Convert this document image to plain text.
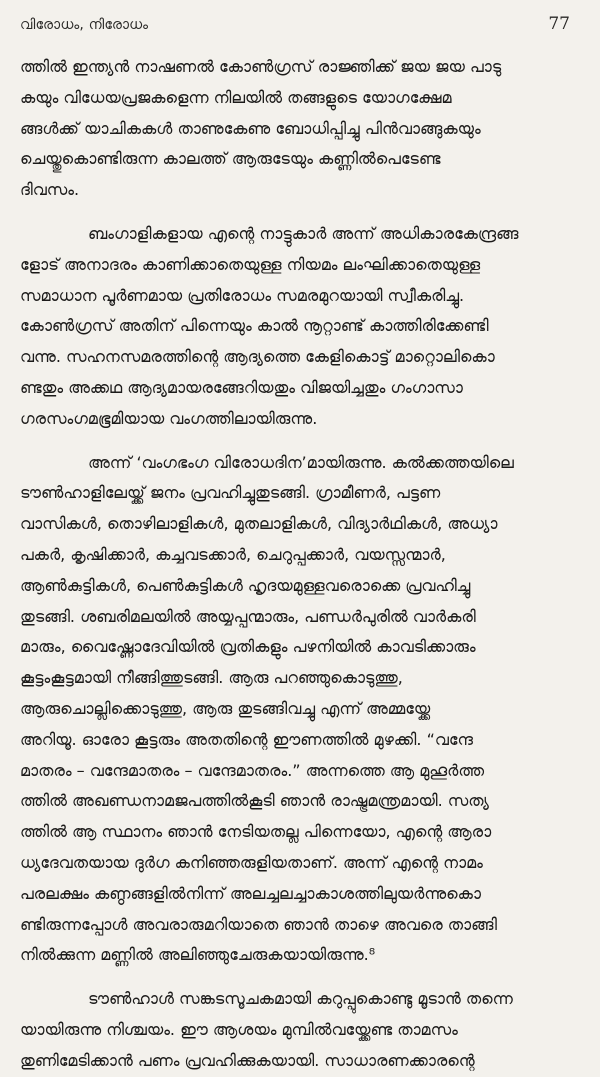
വിരോധം, നിരോധം	77

ത്തിൽ ഇന്ത്യൻ നാഷണൽ കോൺഗ്രസ് രാജ്ഞിക്ക് ജയ ജയ പാടു
കയും വിധേയപ്രജകളെന്ന നിലയിൽ തങ്ങളുടെ യോഗക്ഷേമ
ങ്ങൾക്ക് യാചികകൾ താണുകേണു ബോധിപ്പിച്ചു പിൻവാങ്ങുകയും
ചെയ്തുകൊണ്ടിരുന്ന കാലത്ത് ആരുടേയും കണ്ണിൽപെടേണ്ട
ദിവസം.

ബംഗാളികളായ എന്റെ നാട്ടുകാർ അന്ന് അധികാരകേന്ദ്രങ്ങ
ളോട് അനാദരം കാണിക്കാതെയുള്ള നിയമം ലംഘിക്കാതെയുള്ള
സമാധാന പൂർണമായ പ്രതിരോധം സമരമുറയായി സ്വീകരിച്ചു.
കോൺഗ്രസ് അതിന് പിന്നെയും കാൽ നൂറ്റാണ്ട് കാത്തിരിക്കേണ്ടി
വന്നു. സഹനസമരത്തിന്റെ ആദ്യത്തെ കേളികൊട്ട് മാറ്റൊലികൊ
ണ്ടതും അക്കഥ ആദ്യമായരങ്ങേറിയതും വിജയിച്ചതും ഗംഗാസാ
ഗരസംഗമഭൂമിയായ വംഗത്തിലായിരുന്നു.

അന്ന് ‘വംഗഭംഗ വിരോധദിന’മായിരുന്നു. കൽക്കത്തയിലെ
ടൗൺഹാളിലേയ്ക്ക് ജനം പ്രവഹിച്ചുതുടങ്ങി. ഗ്രാമീണർ, പട്ടണ
വാസികൾ, തൊഴിലാളികൾ, മുതലാളികൾ, വിദ്യാർഥികൾ, അധ്യാ
പകർ, കൃഷിക്കാർ, കച്ചവടക്കാർ, ചെറുപ്പക്കാർ, വയസ്സന്മാർ,
ആൺകുട്ടികൾ, പെൺകുട്ടികൾ ഹൃദയമുള്ളവരൊക്കെ പ്രവഹിച്ചു
തുടങ്ങി. ശബരിമലയിൽ അയ്യപ്പന്മാരും, പണ്ഡർപുരിൽ വാർകരി
മാരും, വൈഷ്ണോദേവിയിൽ വ്രതികളും പഴനിയിൽ കാവടിക്കാരും
കൂട്ടംകൂട്ടമായി നീങ്ങിത്തുടങ്ങി. ആരു പറഞ്ഞുകൊടുത്തു,
ആരുചൊല്ലിക്കൊടുത്തു, ആരു തുടങ്ങിവച്ചു എന്ന് അമ്മയ്ക്കേ
അറിയൂ. ഓരോ കൂട്ടരും അതതിന്റെ ഈണത്തിൽ മുഴക്കി. “വന്ദേ
മാതരം – വന്ദേമാതരം – വന്ദേമാതരം.” അന്നത്തെ ആ മുഹൂർത്ത
ത്തിൽ അഖണ്ഡനാമജപത്തിൽകൂടി ഞാൻ രാഷ്ട്രമന്ത്രമായി. സത്യ
ത്തിൽ ആ സ്ഥാനം ഞാൻ നേടിയതല്ല പിന്നെയോ, എന്റെ ആരാ
ധ്യദേവതയായ ദുർഗ കനിഞ്ഞരുളിയതാണ്. അന്ന് എന്റെ നാമം
പരലക്ഷം കണ്ഠങ്ങളിൽനിന്ന് അലച്ചലച്ചാകാശത്തിലുയർന്നുകൊ
ണ്ടിരുന്നപ്പോൾ അവരാരുമറിയാതെ ഞാൻ താഴെ അവരെ താങ്ങി
നിൽക്കുന്ന മണ്ണിൽ അലിഞ്ഞുചേരുകയായിരുന്നു.⁸

ടൗൺഹാൾ സങ്കടസൂചകമായി കറുപ്പുകൊണ്ടു മൂടാൻ തന്നെ
യായിരുന്നു നിശ്ചയം. ഈ ആശയം മുമ്പിൽവയ്ക്കേണ്ട താമസം
തുണിമേടിക്കാൻ പണം പ്രവഹിക്കുകയായി. സാധാരണക്കാരന്റെ
